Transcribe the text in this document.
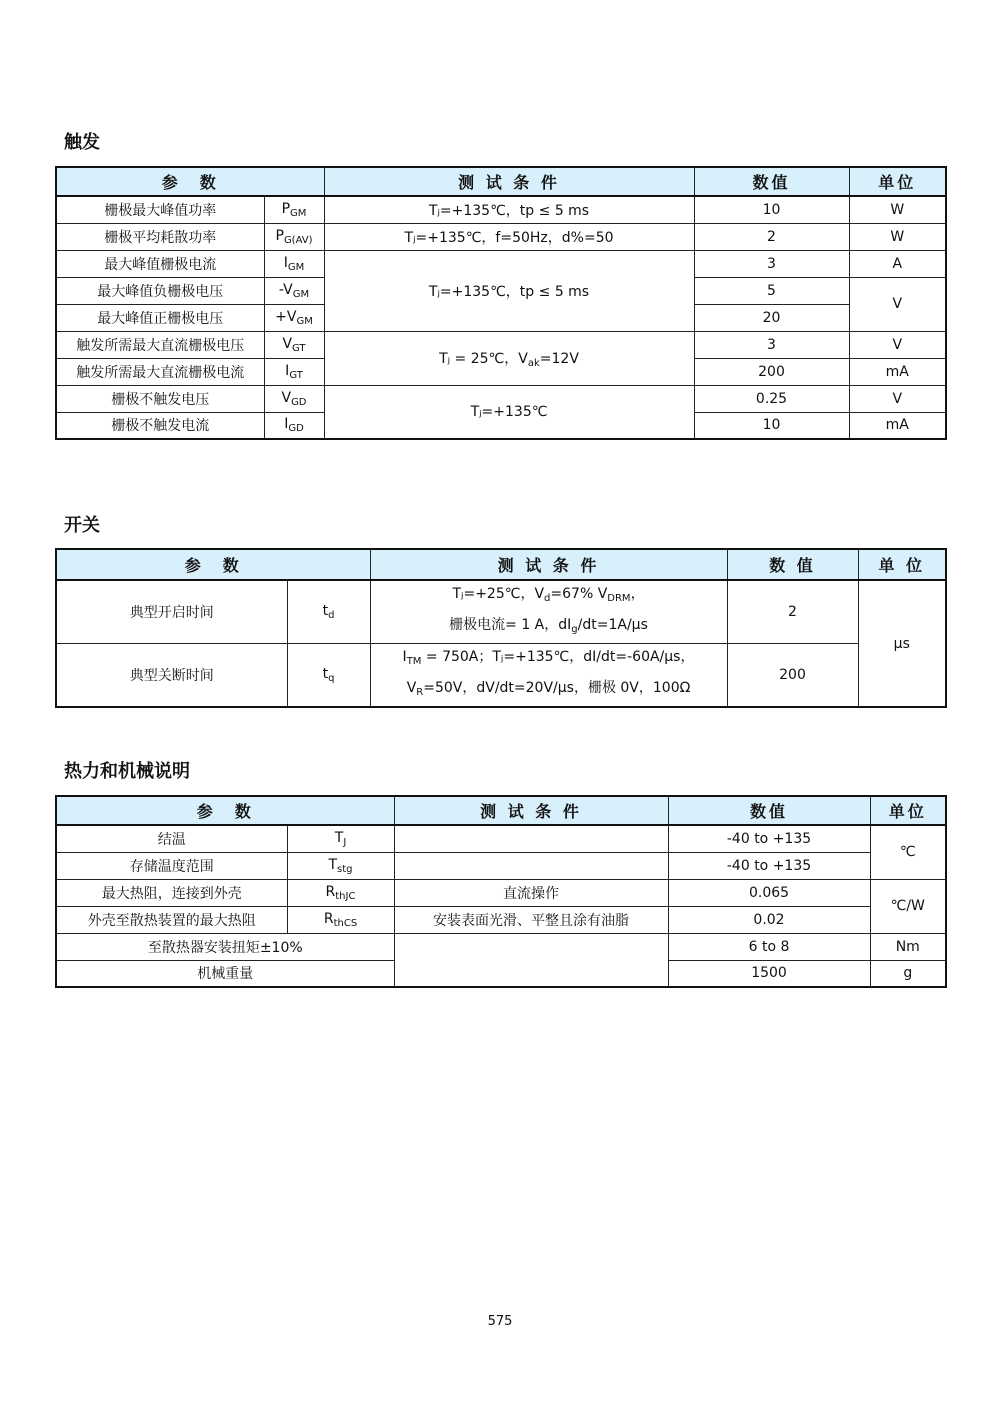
触发
参　数		测 试 条 件	数值	单位
栅极最大峰值功率	$P_{GM}$	Tⱼ=+135℃，tp ≤ 5 ms	10	W
栅极平均耗散功率	$P_{G(AV)}$	Tⱼ=+135℃，f=50Hz，d%=50	2	W
最大峰值栅极电流	$I_{GM}$	Tⱼ=+135℃，tp ≤ 5 ms	3	A
最大峰值负栅极电压	$-V_{GM}$		5	V
最大峰值正栅极电压	$+V_{GM}$		20	
触发所需最大直流栅极电压	$V_{GT}$	Tⱼ = 25℃，$V_{ak}=12V$	3	V
触发所需最大直流栅极电流	$I_{GT}$		200	mA
栅极不触发电压	$V_{GD}$	Tⱼ=+135℃	0.25	V
栅极不触发电流	$I_{GD}$		10	mA
开关
参　数		测 试 条 件	数 值	单 位
典型开启时间	$t_d$	Tⱼ=+25℃，$V_d=67\%$ $V_{DRM}$，
栅极电流= 1 A，$dI_g/dt=1A/\mu s$	2	μs
典型关断时间	$t_q$	$I_{TM} = 750A$；Tⱼ=+135℃，dI/dt=-60A/μs，
$V_R=50V$，dV/dt=20V/μs，栅极 0V，100Ω	200	
热力和机械说明
参　数		测 试 条 件	数值	单位
结温	$T_J$		-40 to +135	℃
存储温度范围	$T_{stg}$		-40 to +135	
最大热阻，连接到外壳	$R_{thJC}$	直流操作	0.065	℃/W
外壳至散热装置的最大热阻	$R_{thCS}$	安装表面光滑、平整且涂有油脂	0.02	
至散热器安装扭矩±10%			6 to 8	Nm
机械重量			1500	g
575
